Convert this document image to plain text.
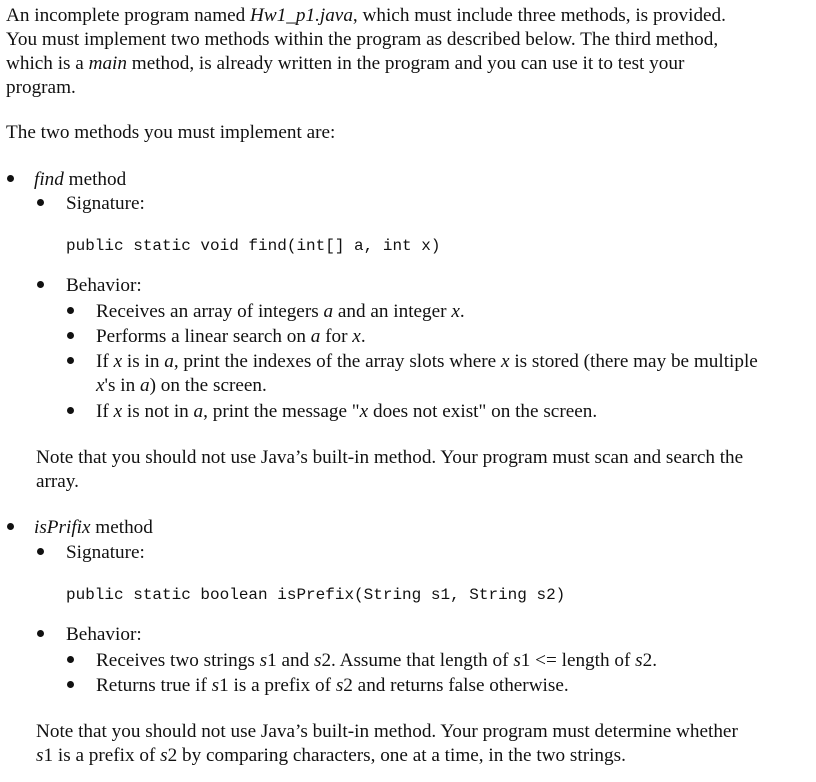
An incomplete program named Hw1_p1.java, which must include three methods, is provided.
You must implement two methods within the program as described below. The third method,
which is a main method, is already written in the program and you can use it to test your
program.
The two methods you must implement are:
find method
Signature:
public static void find(int[] a, int x)
Behavior:
Receives an array of integers a and an integer x.
Performs a linear search on a for x.
If x is in a, print the indexes of the array slots where x is stored (there may be multiple
x's in a) on the screen.
If x is not in a, print the message "x does not exist" on the screen.
Note that you should not use Java’s built-in method. Your program must scan and search the
array.
isPrifix method
Signature:
public static boolean isPrefix(String s1, String s2)
Behavior:
Receives two strings s1 and s2. Assume that length of s1 <= length of s2.
Returns true if s1 is a prefix of s2 and returns false otherwise.
Note that you should not use Java’s built-in method. Your program must determine whether
s1 is a prefix of s2 by comparing characters, one at a time, in the two strings.
